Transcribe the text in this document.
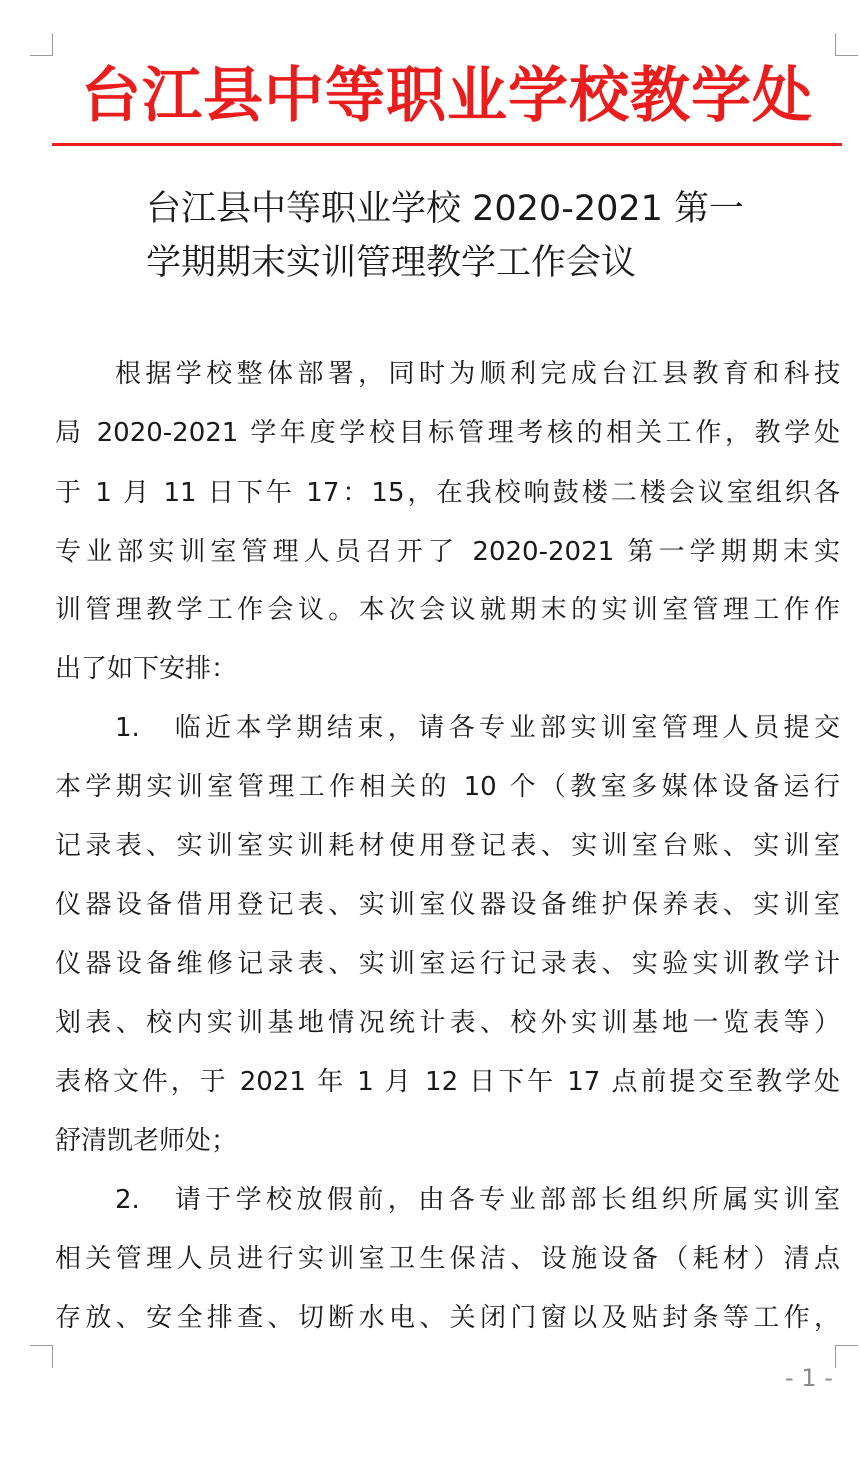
台江县中等职业学校教学处
台江县中等职业学校 2020-2021 第一
学期期末实训管理教学工作会议
根据学校整体部署，同时为顺利完成台江县教育和科技
局 2020-2021 学年度学校目标管理考核的相关工作，教学处
于 1 月 11 日下午 17：15，在我校响鼓楼二楼会议室组织各
专业部实训室管理人员召开了 2020-2021 第一学期期末实
训管理教学工作会议。本次会议就期末的实训室管理工作作
出了如下安排：
1.　临近本学期结束，请各专业部实训室管理人员提交
本学期实训室管理工作相关的 10 个（教室多媒体设备运行
记录表、实训室实训耗材使用登记表、实训室台账、实训室
仪器设备借用登记表、实训室仪器设备维护保养表、实训室
仪器设备维修记录表、实训室运行记录表、实验实训教学计
划表、校内实训基地情况统计表、校外实训基地一览表等）
表格文件，于 2021 年 1 月 12 日下午 17 点前提交至教学处
舒清凯老师处；
2.　请于学校放假前，由各专业部部长组织所属实训室
相关管理人员进行实训室卫生保洁、设施设备（耗材）清点
存放、安全排查、切断水电、关闭门窗以及贴封条等工作，
- 1 -
